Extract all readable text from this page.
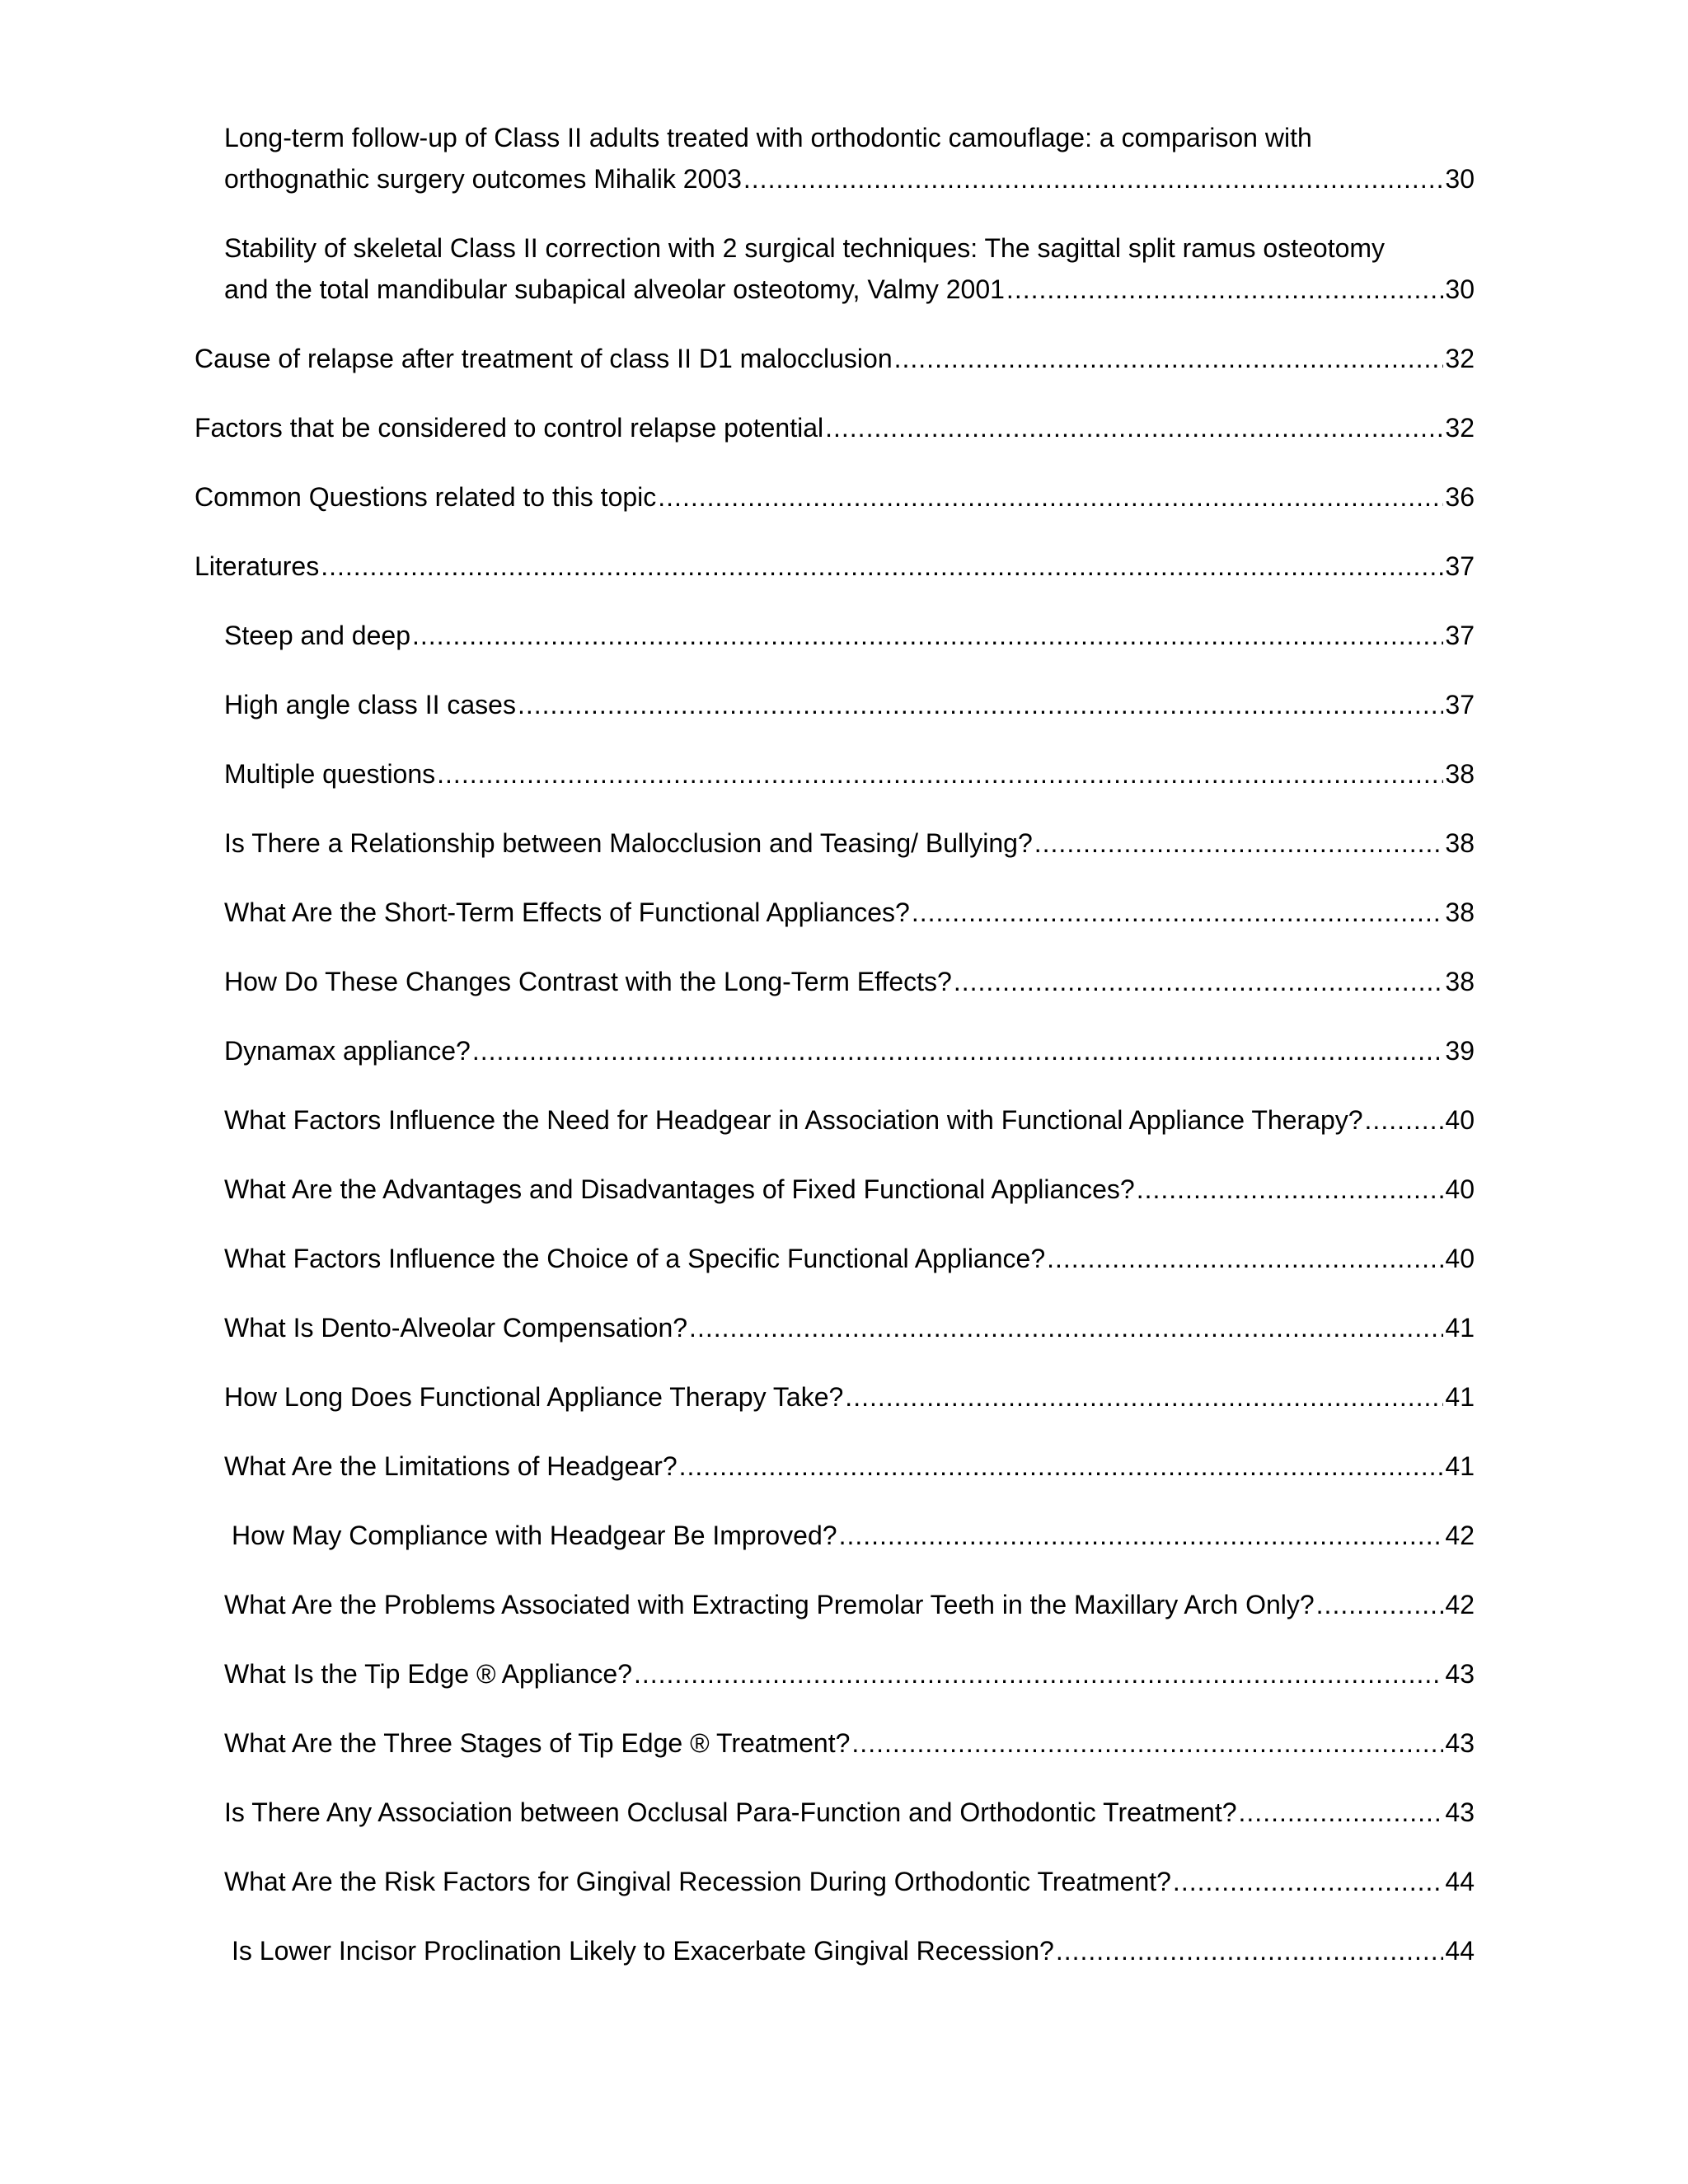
Long-term follow-up of Class II adults treated with orthodontic camouflage: a comparison with
orthognathic surgery outcomes Mihalik 2003 .....	30
Stability of skeletal Class II correction with 2 surgical techniques: The sagittal split ramus osteotomy
and the total mandibular subapical alveolar osteotomy, Valmy 2001 .....	30
Cause of relapse after treatment of class II D1 malocclusion .....	32
Factors that be considered to control relapse potential .....	32
Common Questions related to this topic .....	36
Literatures .....	37
Steep and deep .....	37
High angle class II cases .....	37
Multiple questions .....	38
Is There a Relationship between Malocclusion and Teasing/ Bullying? .....	38
What Are the Short-Term Effects of Functional Appliances? .....	38
How Do These Changes Contrast with the Long-Term Effects? .....	38
Dynamax appliance? .....	39
What Factors Influence the Need for Headgear in Association with Functional Appliance Therapy? .....	40
What Are the Advantages and Disadvantages of Fixed Functional Appliances? .....	40
What Factors Influence the Choice of a Specific Functional Appliance? .....	40
What Is Dento-Alveolar Compensation? .....	41
How Long Does Functional Appliance Therapy Take? .....	41
What Are the Limitations of Headgear? .....	41
How May Compliance with Headgear Be Improved? .....	42
What Are the Problems Associated with Extracting Premolar Teeth in the Maxillary Arch Only? .....	42
What Is the Tip Edge ® Appliance? .....	43
What Are the Three Stages of Tip Edge ® Treatment? .....	43
Is There Any Association between Occlusal Para-Function and Orthodontic Treatment? .....	43
What Are the Risk Factors for Gingival Recession During Orthodontic Treatment? .....	44
Is Lower Incisor Proclination Likely to Exacerbate Gingival Recession? .....	44
